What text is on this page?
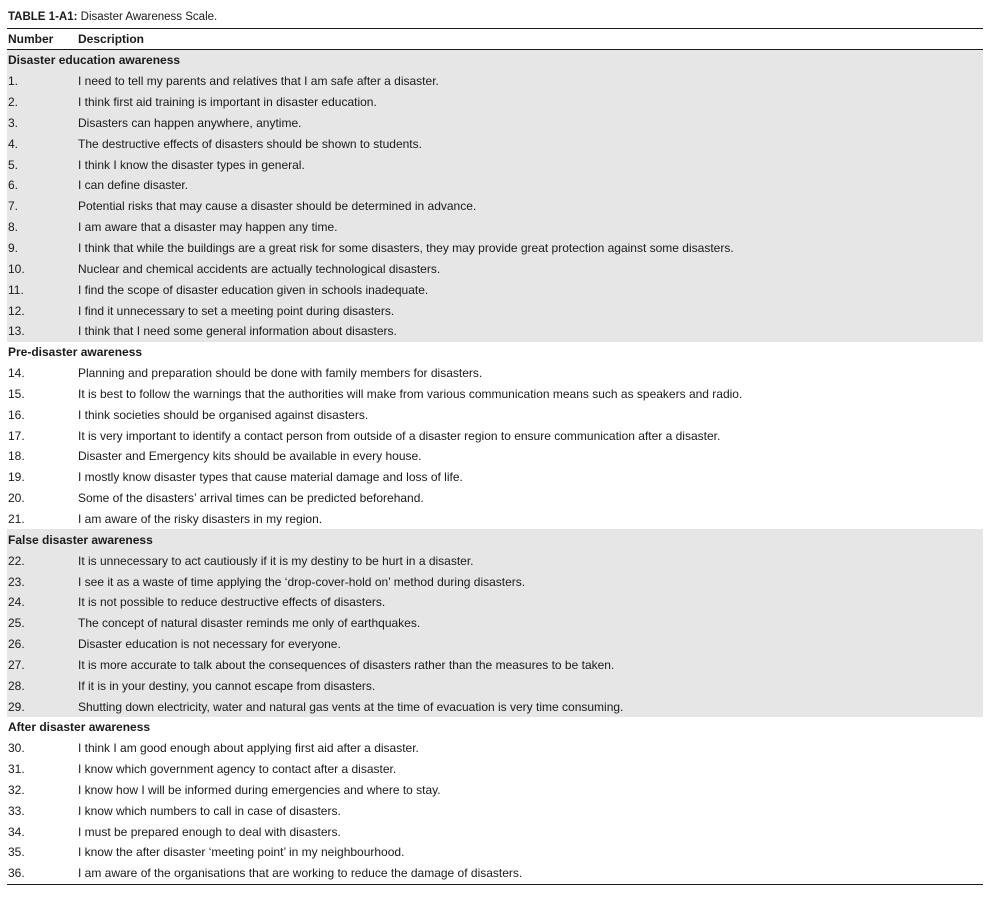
TABLE 1-A1: Disaster Awareness Scale.
Number	Description
Disaster education awareness
1.	I need to tell my parents and relatives that I am safe after a disaster.
2.	I think first aid training is important in disaster education.
3.	Disasters can happen anywhere, anytime.
4.	The destructive effects of disasters should be shown to students.
5.	I think I know the disaster types in general.
6.	I can define disaster.
7.	Potential risks that may cause a disaster should be determined in advance.
8.	I am aware that a disaster may happen any time.
9.	I think that while the buildings are a great risk for some disasters, they may provide great protection against some disasters.
10.	Nuclear and chemical accidents are actually technological disasters.
11.	I find the scope of disaster education given in schools inadequate.
12.	I find it unnecessary to set a meeting point during disasters.
13.	I think that I need some general information about disasters.
Pre-disaster awareness
14.	Planning and preparation should be done with family members for disasters.
15.	It is best to follow the warnings that the authorities will make from various communication means such as speakers and radio.
16.	I think societies should be organised against disasters.
17.	It is very important to identify a contact person from outside of a disaster region to ensure communication after a disaster.
18.	Disaster and Emergency kits should be available in every house.
19.	I mostly know disaster types that cause material damage and loss of life.
20.	Some of the disasters’ arrival times can be predicted beforehand.
21.	I am aware of the risky disasters in my region.
False disaster awareness
22.	It is unnecessary to act cautiously if it is my destiny to be hurt in a disaster.
23.	I see it as a waste of time applying the ‘drop-cover-hold on’ method during disasters.
24.	It is not possible to reduce destructive effects of disasters.
25.	The concept of natural disaster reminds me only of earthquakes.
26.	Disaster education is not necessary for everyone.
27.	It is more accurate to talk about the consequences of disasters rather than the measures to be taken.
28.	If it is in your destiny, you cannot escape from disasters.
29.	Shutting down electricity, water and natural gas vents at the time of evacuation is very time consuming.
After disaster awareness
30.	I think I am good enough about applying first aid after a disaster.
31.	I know which government agency to contact after a disaster.
32.	I know how I will be informed during emergencies and where to stay.
33.	I know which numbers to call in case of disasters.
34.	I must be prepared enough to deal with disasters.
35.	I know the after disaster ‘meeting point’ in my neighbourhood.
36.	I am aware of the organisations that are working to reduce the damage of disasters.
